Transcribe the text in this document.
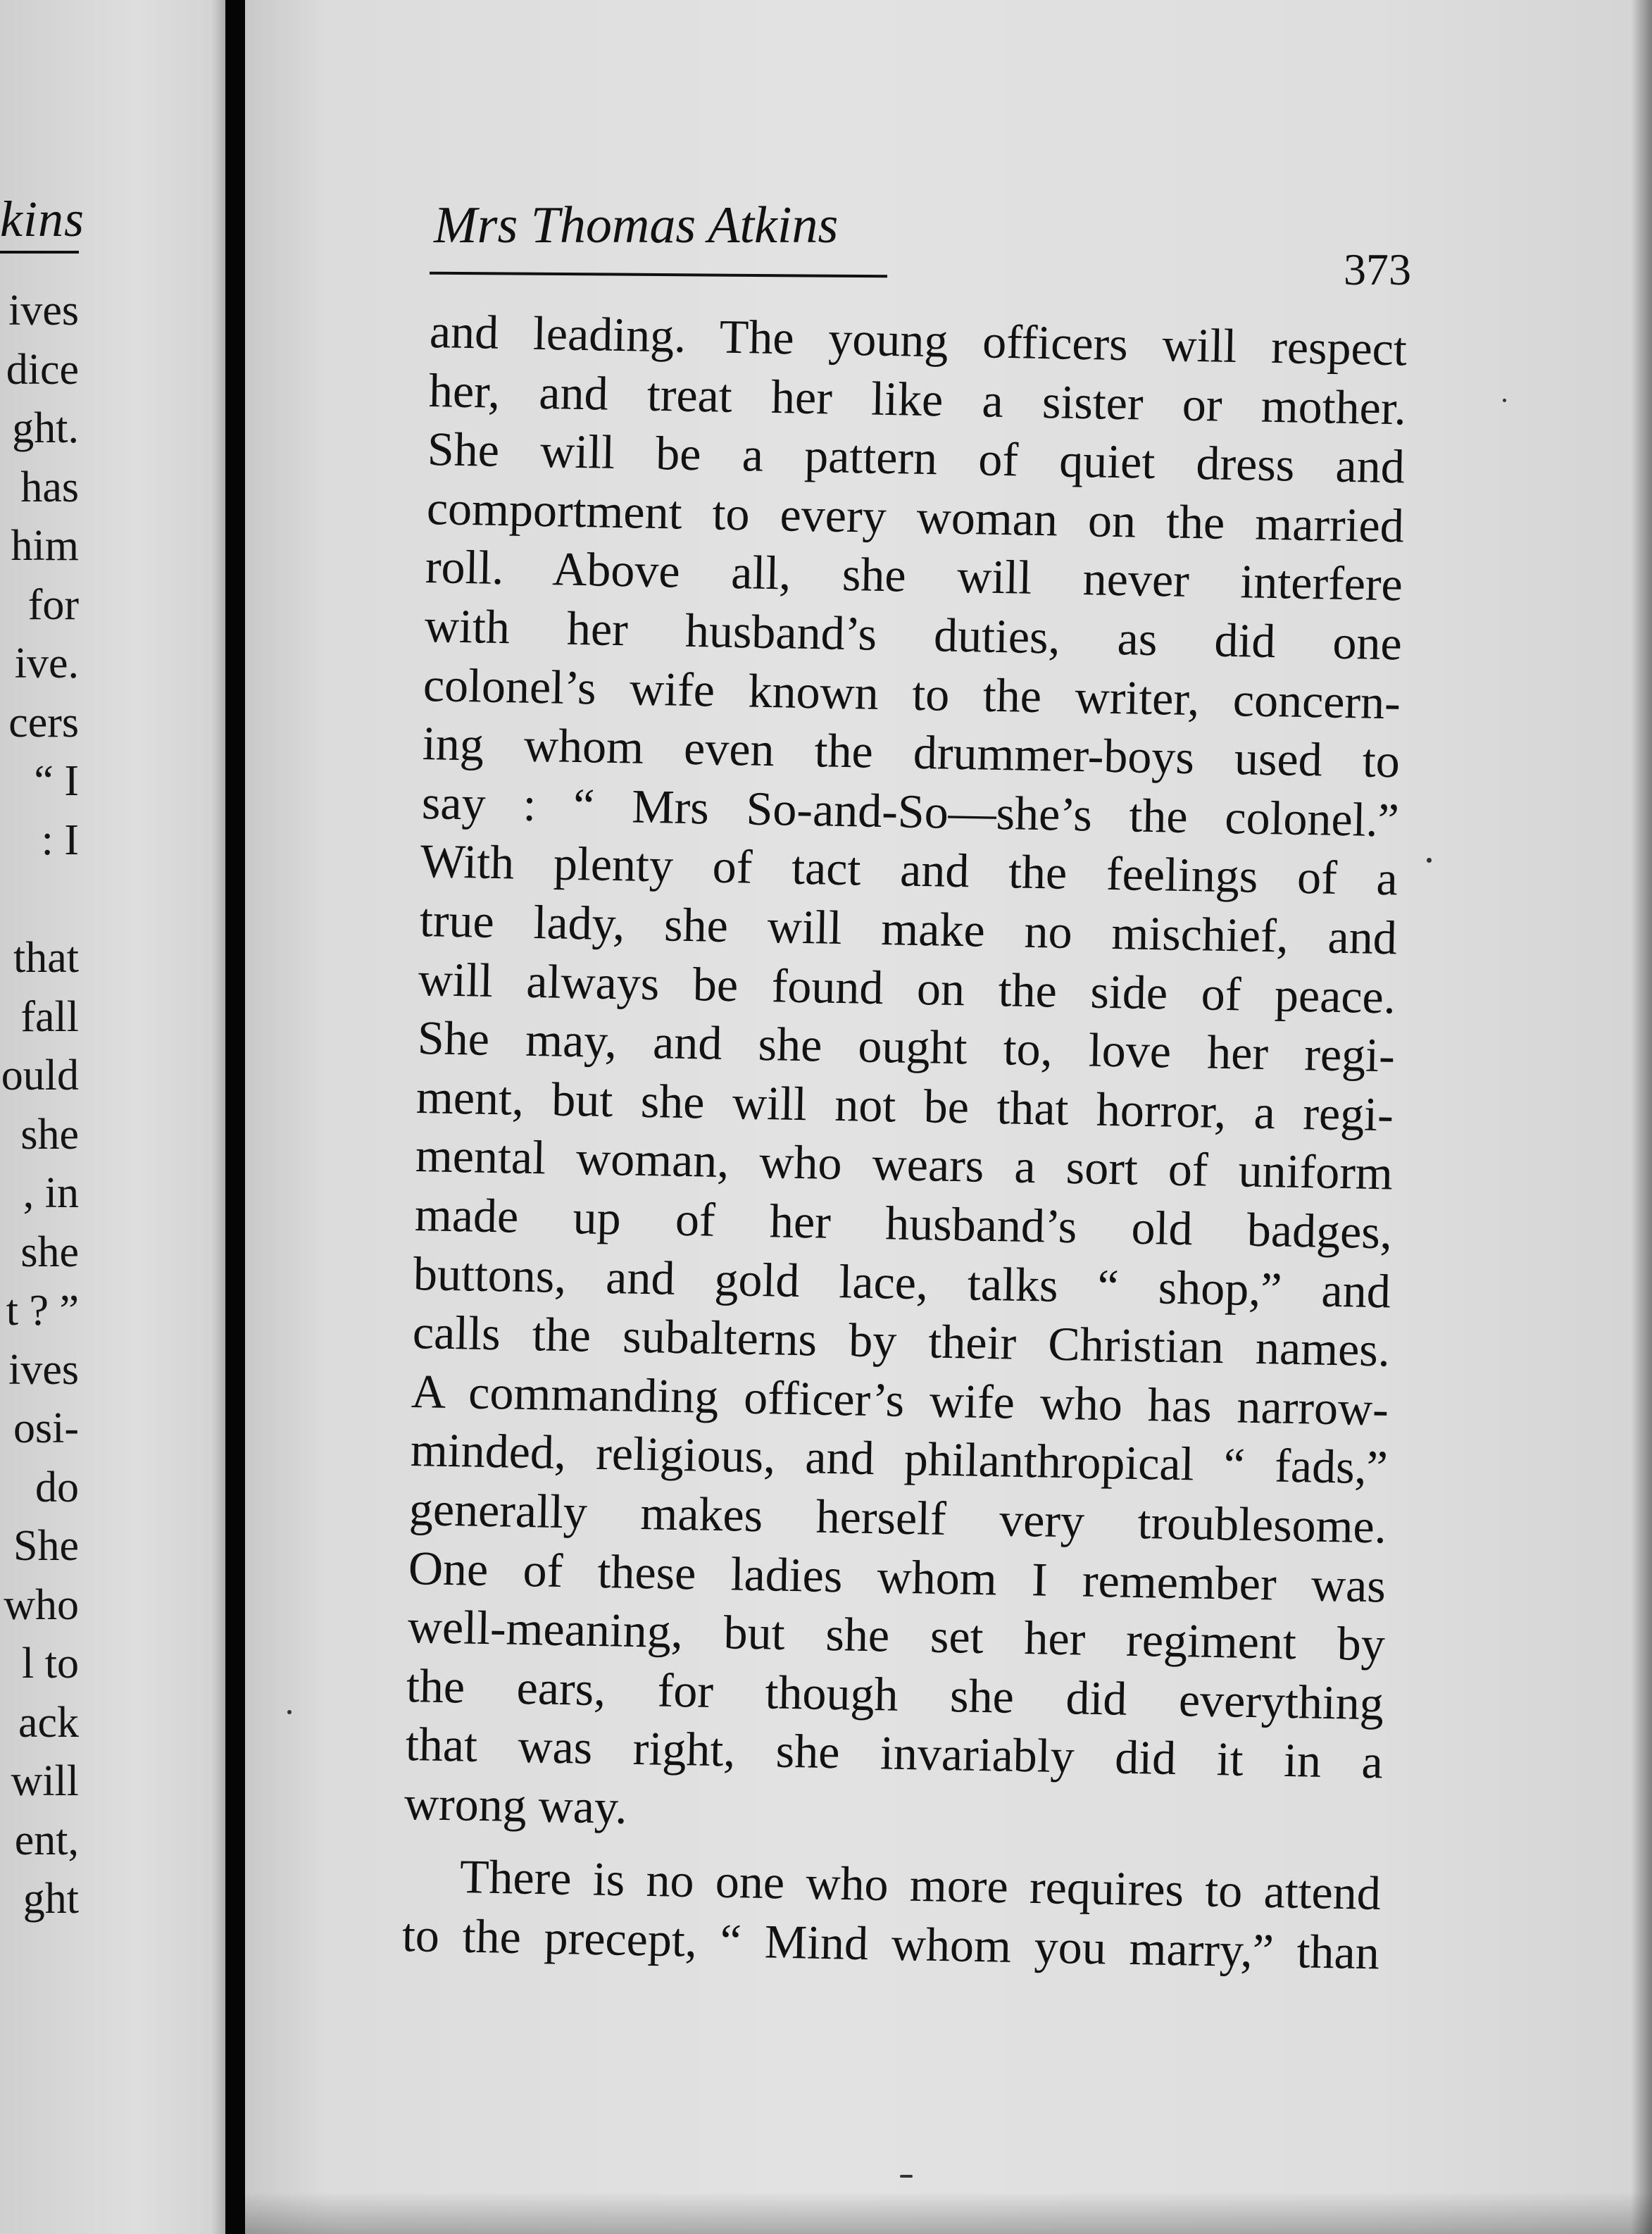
kins
ives
dice
ght.
has
him
for
ive.
cers
“ I
: I
that
fall
ould
she
, in
she
t ? ”
ives
osi-
do
She
who
l to
ack
will
ent,
ght
Mrs Thomas Atkins
373
and leading. The young officers will respect
her, and treat her like a sister or mother.
She will be a pattern of quiet dress and
comportment to every woman on the married
roll. Above all, she will never interfere
with her husband’s duties, as did one
colonel’s wife known to the writer, concern-
ing whom even the drummer-boys used to
say : “ Mrs So-and-So—she’s the colonel.”
With plenty of tact and the feelings of a
true lady, she will make no mischief, and
will always be found on the side of peace.
She may, and she ought to, love her regi-
ment, but she will not be that horror, a regi-
mental woman, who wears a sort of uniform
made up of her husband’s old badges,
buttons, and gold lace, talks “ shop,” and
calls the subalterns by their Christian names.
A commanding officer’s wife who has narrow-
minded, religious, and philanthropical “ fads,”
generally makes herself very troublesome.
One of these ladies whom I remember was
well-meaning, but she set her regiment by
the ears, for though she did everything
that was right, she invariably did it in a
wrong way.
There is no one who more requires to attend
to the precept, “ Mind whom you marry,” than
